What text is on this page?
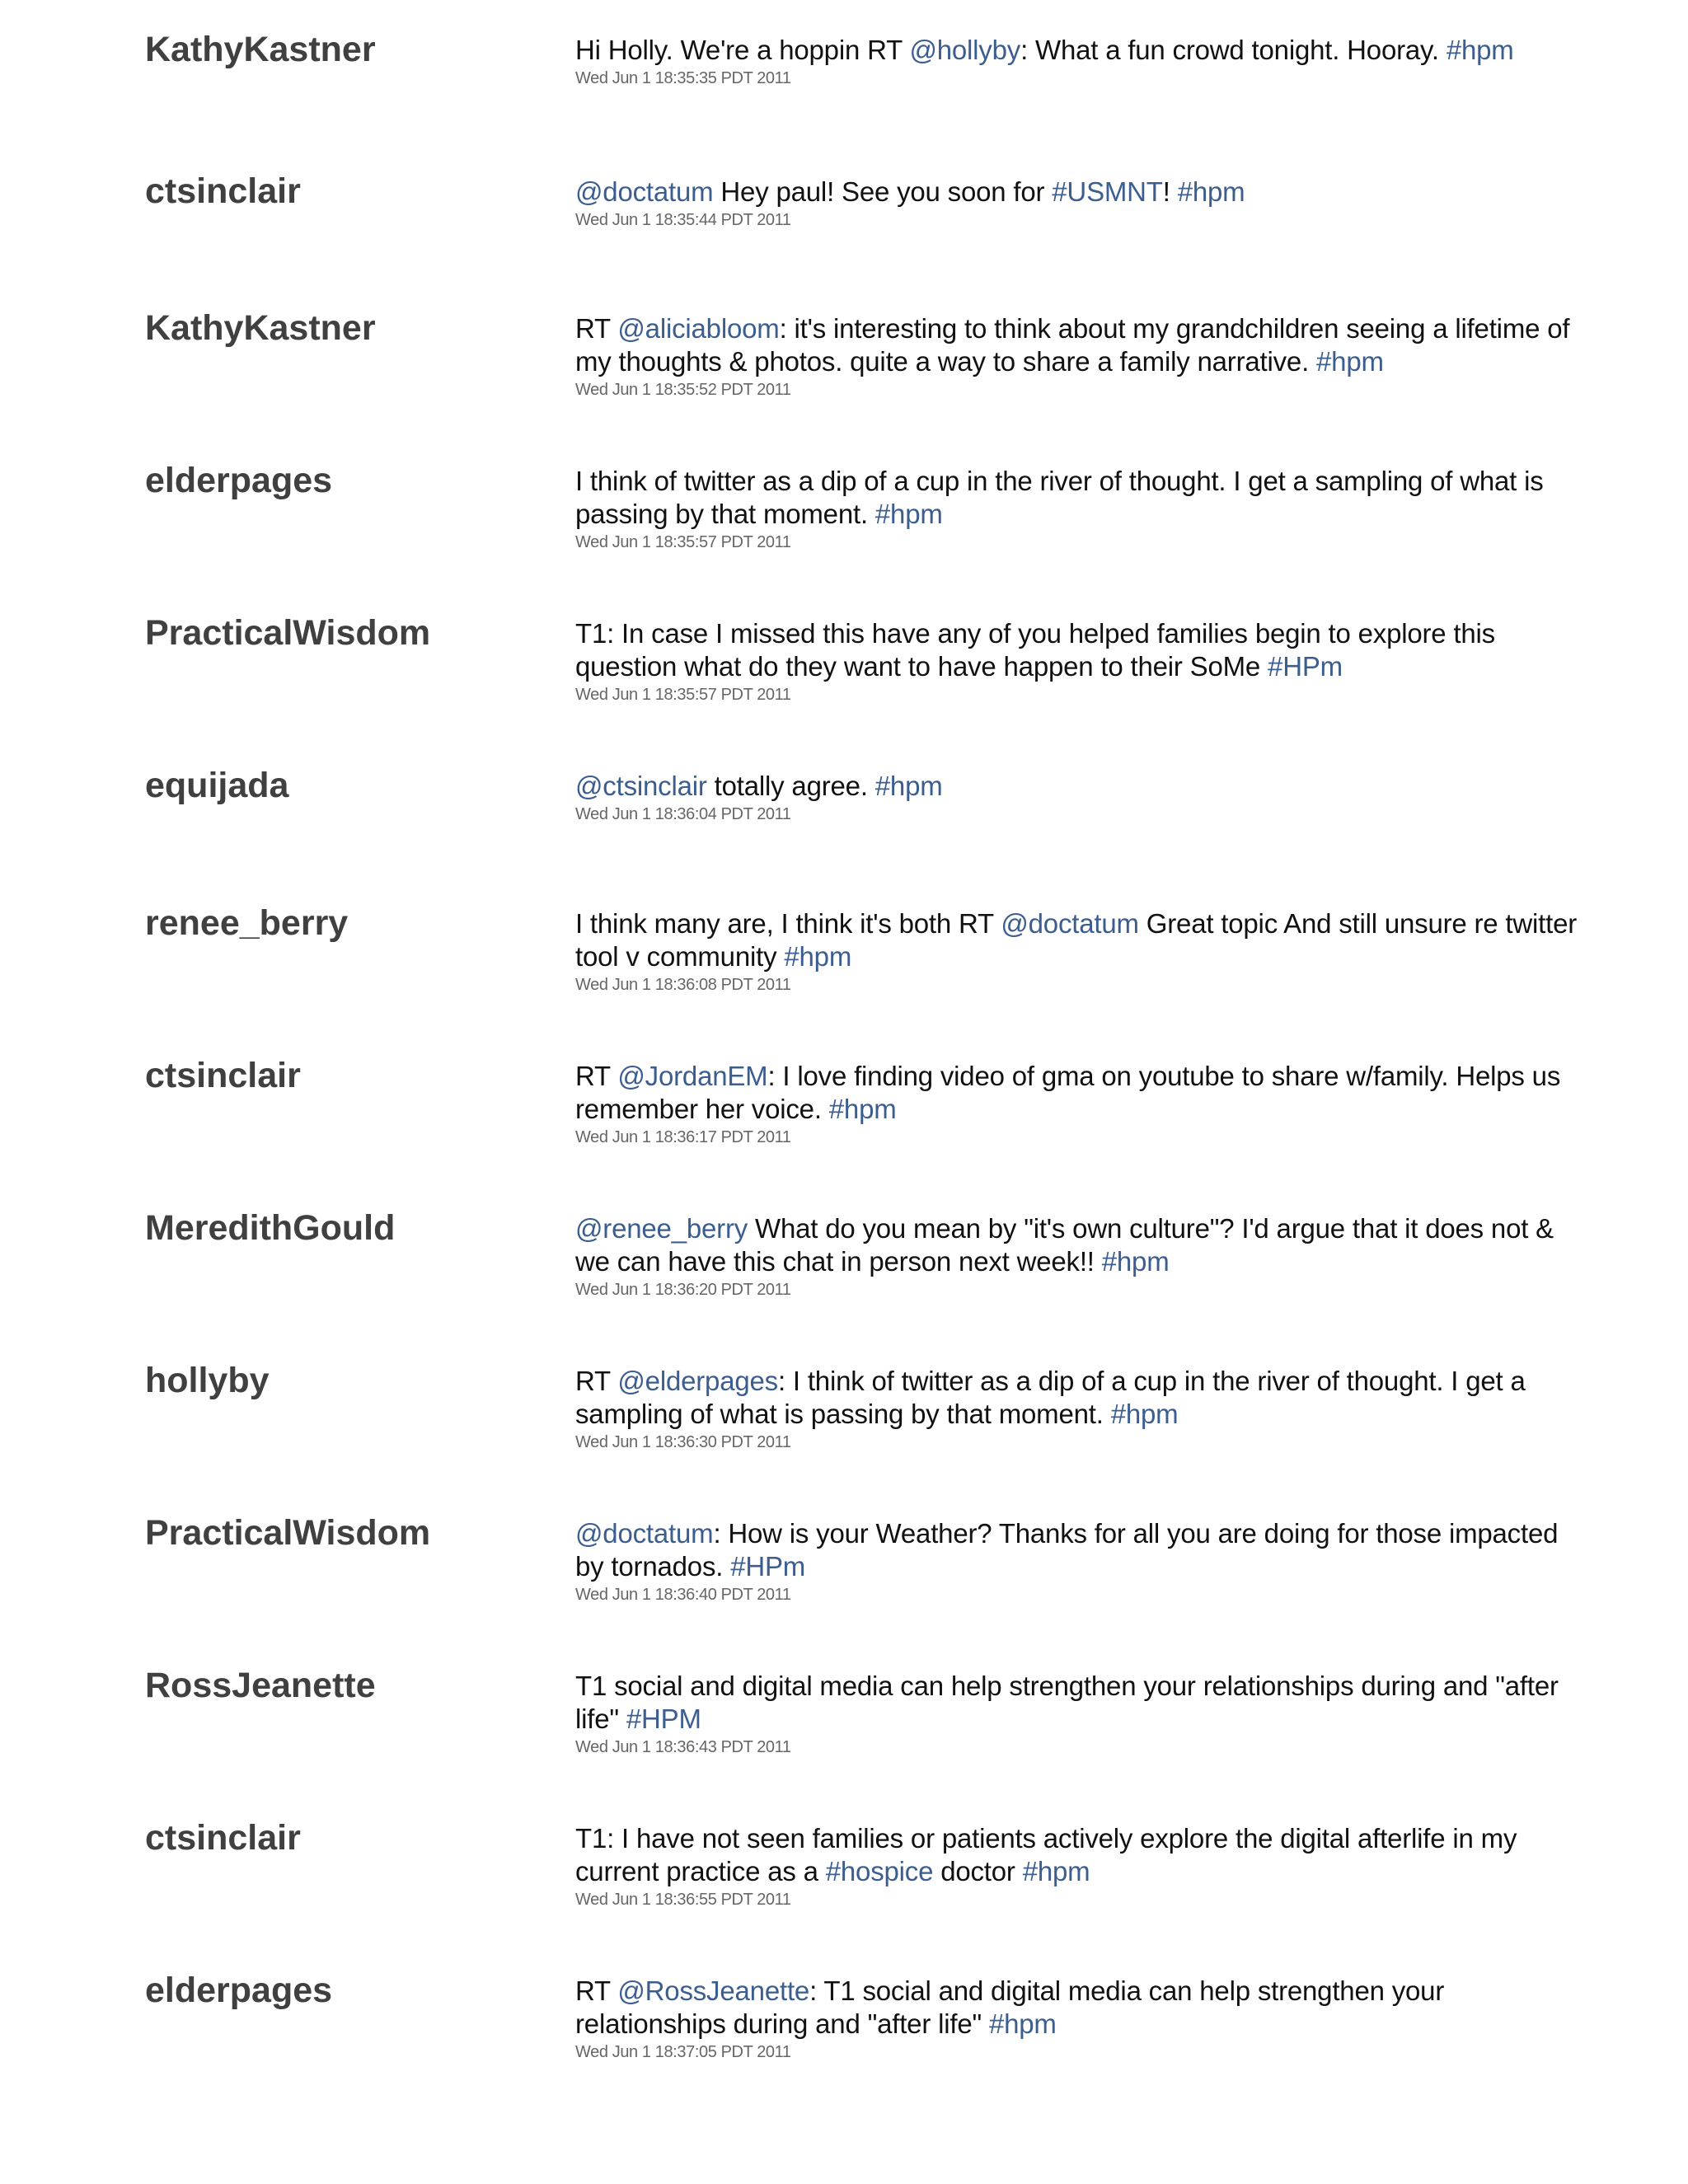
KathyKastner	Hi Holly. We're a hoppin RT @hollyby: What a fun crowd tonight. Hooray. #hpm
Wed Jun 1 18:35:35 PDT 2011
ctsinclair	@doctatum Hey paul! See you soon for #USMNT! #hpm
Wed Jun 1 18:35:44 PDT 2011
KathyKastner	RT @aliciabloom: it's interesting to think about my grandchildren seeing a lifetime of my thoughts & photos. quite a way to share a family narrative. #hpm
Wed Jun 1 18:35:52 PDT 2011
elderpages	I think of twitter as a dip of a cup in the river of thought. I get a sampling of what is passing by that moment. #hpm
Wed Jun 1 18:35:57 PDT 2011
PracticalWisdom	T1: In case I missed this have any of you helped families begin to explore this question what do they want to have happen to their SoMe #HPm
Wed Jun 1 18:35:57 PDT 2011
equijada	@ctsinclair totally agree. #hpm
Wed Jun 1 18:36:04 PDT 2011
renee_berry	I think many are, I think it's both RT @doctatum Great topic And still unsure re twitter tool v community #hpm
Wed Jun 1 18:36:08 PDT 2011
ctsinclair	RT @JordanEM: I love finding video of gma on youtube to share w/family. Helps us remember her voice. #hpm
Wed Jun 1 18:36:17 PDT 2011
MeredithGould	@renee_berry What do you mean by "it's own culture"? I'd argue that it does not & we can have this chat in person next week!! #hpm
Wed Jun 1 18:36:20 PDT 2011
hollyby	RT @elderpages: I think of twitter as a dip of a cup in the river of thought. I get a sampling of what is passing by that moment. #hpm
Wed Jun 1 18:36:30 PDT 2011
PracticalWisdom	@doctatum: How is your Weather? Thanks for all you are doing for those impacted by tornados. #HPm
Wed Jun 1 18:36:40 PDT 2011
RossJeanette	T1 social and digital media can help strengthen your relationships during and "after life" #HPM
Wed Jun 1 18:36:43 PDT 2011
ctsinclair	T1: I have not seen families or patients actively explore the digital afterlife in my current practice as a #hospice doctor #hpm
Wed Jun 1 18:36:55 PDT 2011
elderpages	RT @RossJeanette: T1 social and digital media can help strengthen your relationships during and "after life" #hpm
Wed Jun 1 18:37:05 PDT 2011
